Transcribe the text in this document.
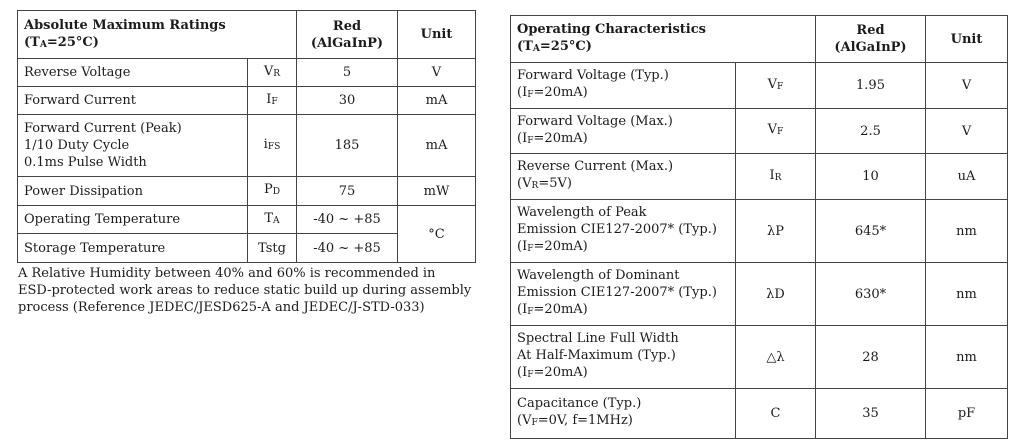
Absolute Maximum Ratings
(TA=25°C)		Red
(AlGaInP)	Unit

Reverse Voltage	VR	5	V

Forward Current	IF	30	mA

Forward Current (Peak)
1/10 Duty Cycle
0.1ms Pulse Width	iFS	185	mA

Power Dissipation	PD	75	mW

Operating Temperature	TA	-40 ~ +85	°C

Storage Temperature	Tstg	-40 ~ +85	
A Relative Humidity between 40% and 60% is recommended in
ESD-protected work areas to reduce static build up during assembly
process (Reference JEDEC/JESD625-A and JEDEC/J-STD-033)
Operating Characteristics
(TA=25°C)		Red
(AlGaInP)	Unit

Forward Voltage (Typ.)
(IF=20mA)	VF	1.95	V

Forward Voltage (Max.)
(IF=20mA)	VF	2.5	V

Reverse Current (Max.)
(VR=5V)	IR	10	uA

Wavelength of Peak
Emission CIE127-2007* (Typ.)
(IF=20mA)	λP	645*	nm

Wavelength of Dominant
Emission CIE127-2007* (Typ.)
(IF=20mA)	λD	630*	nm

Spectral Line Full Width
At Half-Maximum (Typ.)
(IF=20mA)	△λ	28	nm

Capacitance (Typ.)
(VF=0V, f=1MHz)	C	35	pF
